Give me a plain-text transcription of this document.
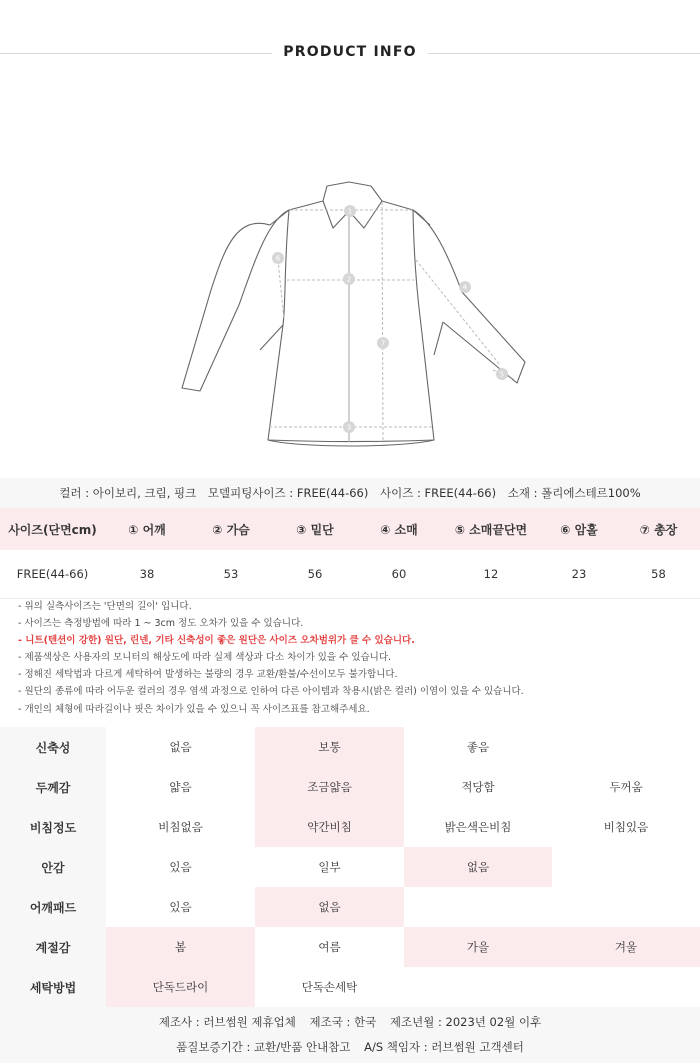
PRODUCT INFO
1
2
3
4
5
6
7
컬러 : 아이보리, 크림, 핑크 모델피팅사이즈 : FREE(44-66) 사이즈 : FREE(44-66) 소재 : 폴리에스테르100%
사이즈(단면cm)	① 어깨	② 가슴	③ 밑단	④ 소매	⑤ 소매끝단면	⑥ 암홀	⑦ 총장
FREE(44-66)	38	53	56	60	12	23	58
- 위의 실측사이즈는 '단면의 길이' 입니다.
- 사이즈는 측정방법에 따라 1 ~ 3cm 정도 오차가 있을 수 있습니다.
- 니트(텐션이 강한) 원단, 린넨, 기타 신축성이 좋은 원단은 사이즈 오차범위가 클 수 있습니다.
- 제품색상은 사용자의 모니터의 해상도에 따라 실제 색상과 다소 차이가 있을 수 있습니다.
- 정해진 세탁법과 다르게 세탁하여 발생하는 불량의 경우 교환/환불/수선이모두 불가합니다.
- 원단의 종류에 따라 어두운 컬러의 경우 염색 과정으로 인하여 다른 아이템과 착용시(밝은 컬러) 이염이 있을 수 있습니다.
- 개인의 체형에 따라길이나 핏은 차이가 있을 수 있으니 꼭 사이즈표를 참고해주세요.
신축성	없음	보통	좋음	
두께감	얇음	조금얇음	적당함	두꺼움
비침정도	비침없음	약간비침	밝은색은비침	비침있음
안감	있음	일부	없음	
어깨패드	있음	없음		
계절감	봄	여름	가을	겨울
세탁방법	단독드라이	단독손세탁		
제조사 : 러브썸원 제휴업체 제조국 : 한국 제조년월 : 2023년 02월 이후
품질보증기간 : 교환/반품 안내참고 A/S 책임자 : 러브썸원 고객센터
